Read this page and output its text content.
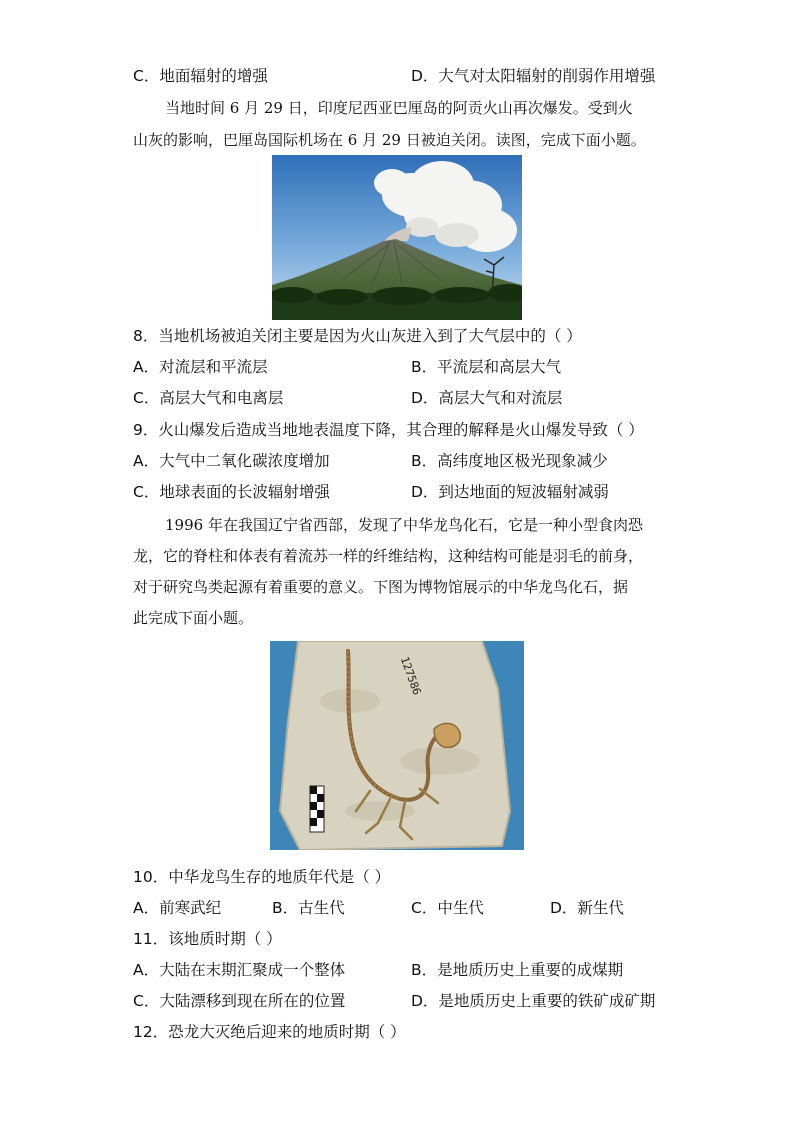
C．地面辐射的增强	D．大气对太阳辐射的削弱作用增强
当地时间 6 月 29 日，印度尼西亚巴厘岛的阿贡火山再次爆发。受到火
山灰的影响，巴厘岛国际机场在 6 月 29 日被迫关闭。读图，完成下面小题。
8．当地机场被迫关闭主要是因为火山灰进入到了大气层中的（ ）
A．对流层和平流层	B．平流层和高层大气
C．高层大气和电离层	D．高层大气和对流层
9．火山爆发后造成当地地表温度下降，其合理的解释是火山爆发导致（ ）
A．大气中二氧化碳浓度增加	B．高纬度地区极光现象减少
C．地球表面的长波辐射增强	D．到达地面的短波辐射减弱
1996 年在我国辽宁省西部，发现了中华龙鸟化石，它是一种小型食肉恐
龙，它的脊柱和体表有着流苏一样的纤维结构，这种结构可能是羽毛的前身，
对于研究鸟类起源有着重要的意义。下图为博物馆展示的中华龙鸟化石，据
此完成下面小题。
127586
10．中华龙鸟生存的地质年代是（ ）
A．前寒武纪	B．古生代	C．中生代	D．新生代
11．该地质时期（ ）
A．大陆在末期汇聚成一个整体	B．是地质历史上重要的成煤期
C．大陆漂移到现在所在的位置	D．是地质历史上重要的铁矿成矿期
12．恐龙大灭绝后迎来的地质时期（ ）
